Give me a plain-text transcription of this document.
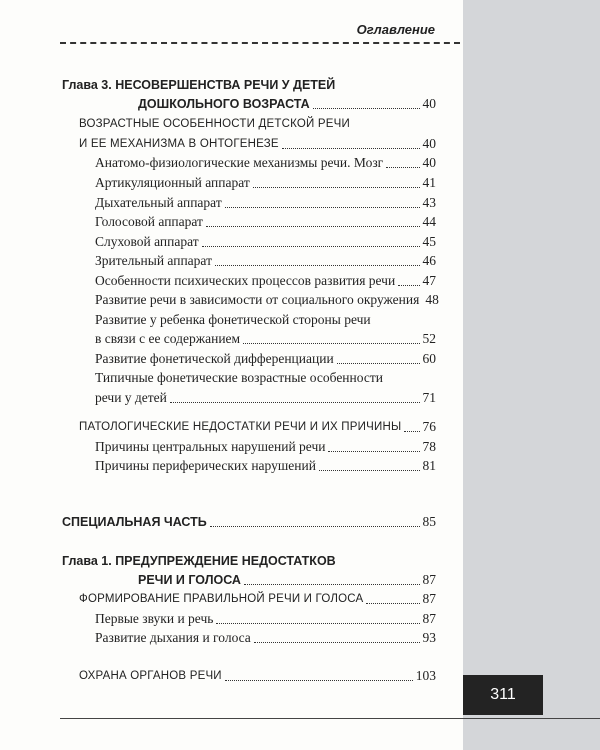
311
Оглавление
Глава 3. НЕСОВЕРШЕНСТВА РЕЧИ У ДЕТЕЙ
ДОШКОЛЬНОГО ВОЗРАСТА	40
ВОЗРАСТНЫЕ ОСОБЕННОСТИ ДЕТСКОЙ РЕЧИ
И ЕЕ МЕХАНИЗМА В ОНТОГЕНЕЗЕ	40
Анатомо-физиологические механизмы речи. Мозг	40
Артикуляционный аппарат	41
Дыхательный аппарат	43
Голосовой аппарат	44
Слуховой аппарат	45
Зрительный аппарат	46
Особенности психических процессов развития речи 47
Развитие речи в зависимости от социального окружения 48
Развитие у ребенка фонетической стороны речи
в связи с ее содержанием	52
Развитие фонетической дифференциации	60
Типичные фонетические возрастные особенности
речи у детей	71
ПАТОЛОГИЧЕСКИЕ НЕДОСТАТКИ РЕЧИ И ИХ ПРИЧИНЫ 76
Причины центральных нарушений речи	78
Причины периферических нарушений	81
СПЕЦИАЛЬНАЯ ЧАСТЬ	85
Глава 1. ПРЕДУПРЕЖДЕНИЕ НЕДОСТАТКОВ
РЕЧИ И ГОЛОСА	87
ФОРМИРОВАНИЕ ПРАВИЛЬНОЙ РЕЧИ И ГОЛОСА	87
Первые звуки и речь	87
Развитие дыхания и голоса	93
ОХРАНА ОРГАНОВ РЕЧИ	103
